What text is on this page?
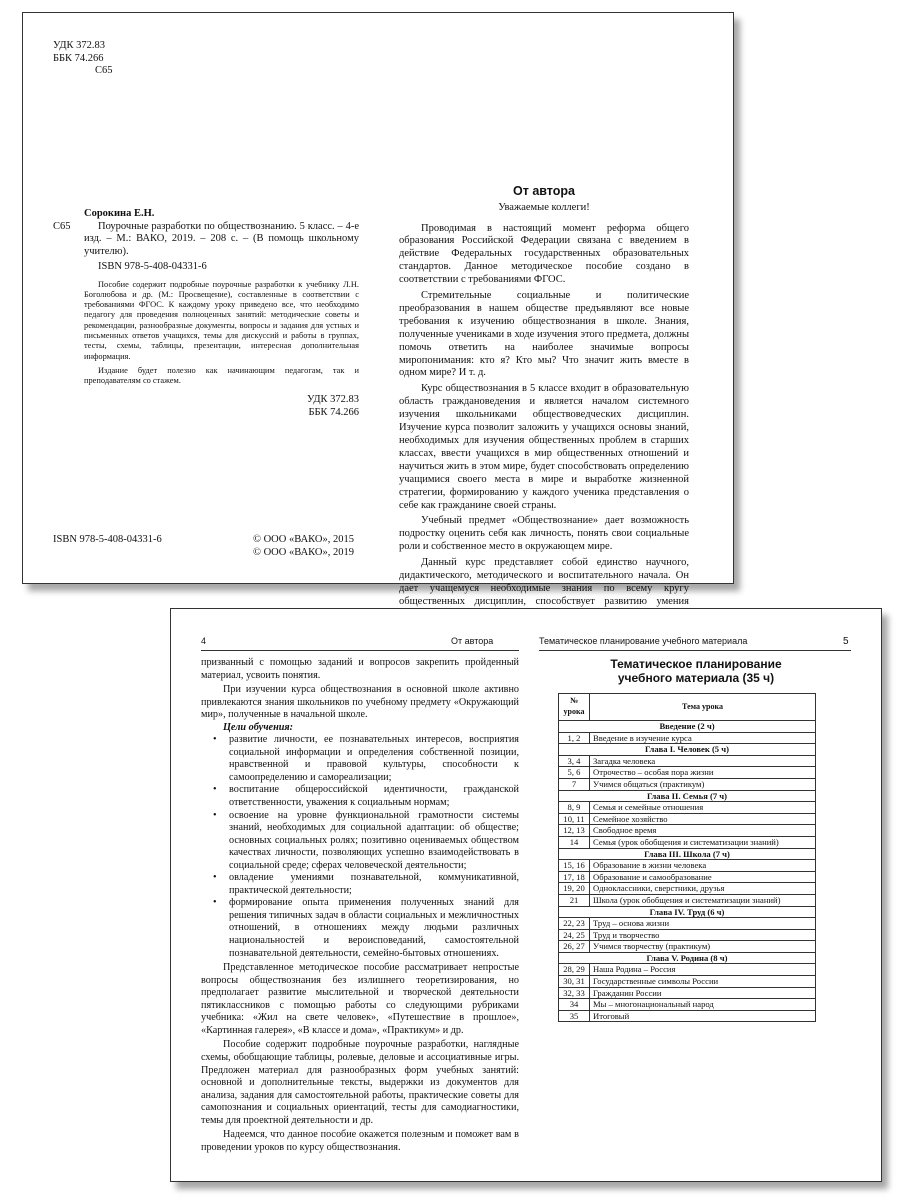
УДК 372.83
ББК 74.266
С65
С65
Сорокина Е.Н.

Поурочные разработки по обществознанию. 5 класс. – 4-е изд. – М.: ВАКО, 2019. – 208 с. – (В помощь школьному учителю).

ISBN 978-5-408-04331-6

Пособие содержит подробные поурочные разработки к учебнику Л.Н. Боголюбова и др. (М.: Просвещение), составленные в соответствии с требованиями ФГОС. К каждому уроку приведено все, что необходимо педагогу для проведения полноценных занятий: методические советы и рекомендации, разнообразные документы, вопросы и задания для устных и письменных ответов учащихся, темы для дискуссий и работы в группах, тесты, схемы, таблицы, презентации, интересная дополнительная информация.

Издание будет полезно как начинающим педагогам, так и преподавателям со стажем.

УДК 372.83
ББК 74.266
ISBN 978-5-408-04331-6	© ООО «ВАКО», 2015
© ООО «ВАКО», 2019
От автора
Уважаемые коллеги!

Проводимая в настоящий момент реформа общего образования Российской Федерации связана с введением в действие Федеральных государственных образовательных стандартов. Данное методическое пособие создано в соответствии с требованиями ФГОС.

Стремительные социальные и политические преобразования в нашем обществе предъявляют все новые требования к изучению обществознания в школе. Знания, полученные учениками в ходе изучения этого предмета, должны помочь ответить на наиболее значимые вопросы миропонимания: кто я? Кто мы? Что значит жить вместе в одном мире? И т. д.

Курс обществознания в 5 классе входит в образовательную область граждановедения и является началом системного изучения школьниками обществоведческих дисциплин. Изучение курса позволит заложить у учащихся основы знаний, необходимых для изучения общественных проблем в старших классах, ввести учащихся в мир общественных отношений и научиться жить в этом мире, будет способствовать определению учащимися своего места в мире и выработке жизненной стратегии, формированию у каждого ученика представления о себе как гражданине своей страны.

Учебный предмет «Обществознание» дает возможность подростку оценить себя как личность, понять свои социальные роли и собственное место в окружающем мире.

Данный курс представляет собой единство научного, дидактического, методического и воспитательного начала. Он дает учащемуся необходимые знания по всему кругу общественных дисциплин, способствует развитию умения

4	От автора

призванный с помощью заданий и вопросов закрепить пройденный материал, усвоить понятия.

При изучении курса обществознания в основной школе активно привлекаются знания школьников по учебному предмету «Окружающий мир», полученные в начальной школе.

Цели обучения:
• развитие личности, ее познавательных интересов, восприятия социальной информации и определения собственной позиции, нравственной и правовой культуры, способности к самоопределению и самореализации;
• воспитание общероссийской идентичности, гражданской ответственности, уважения к социальным нормам;
• освоение на уровне функциональной грамотности системы знаний, необходимых для социальной адаптации: об обществе; основных социальных ролях; позитивно оцениваемых обществом качествах личности, позволяющих успешно взаимодействовать в социальной среде; сферах человеческой деятельности;
• овладение умениями познавательной, коммуникативной, практической деятельности;
• формирование опыта применения полученных знаний для решения типичных задач в области социальных и межличностных отношений, в отношениях между людьми различных национальностей и вероисповеданий, самостоятельной познавательной деятельности, семейно-бытовых отношениях.

Представленное методическое пособие рассматривает непростые вопросы обществознания без излишнего теоретизирования, но предполагает развитие мыслительной и творческой деятельности пятиклассников с помощью работы со следующими рубриками учебника: «Жил на свете человек», «Путешествие в прошлое», «Картинная галерея», «В классе и дома», «Практикум» и др.

Пособие содержит подробные поурочные разработки, наглядные схемы, обобщающие таблицы, ролевые, деловые и ассоциативные игры. Предложен материал для разнообразных форм учебных занятий: основной и дополнительные тексты, выдержки из документов для анализа, задания для самостоятельной работы, практические советы для самопознания и социальных ориентаций, тесты для самодиагностики, темы для проектной деятельности и др.

Надеемся, что данное пособие окажется полезным и поможет вам в проведении уроков по курсу обществознания.

Тематическое планирование учебного материала	5
Тематическое планирование учебного материала (35 ч)
№ урока	Тема урока
Введение (2 ч)	
1, 2	Введение в изучение курса
Глава I. Человек (5 ч)	
3, 4	Загадка человека
5, 6	Отрочество – особая пора жизни
7	Учимся общаться (практикум)
Глава II. Семья (7 ч)	
8, 9	Семья и семейные отношения
10, 11	Семейное хозяйство
12, 13	Свободное время
14	Семья (урок обобщения и систематизации знаний)
Глава III. Школа (7 ч)	
15, 16	Образование в жизни человека
17, 18	Образование и самообразование
19, 20	Одноклассники, сверстники, друзья
21	Школа (урок обобщения и систематизации знаний)
Глава IV. Труд (6 ч)	
22, 23	Труд – основа жизни
24, 25	Труд и творчество
26, 27	Учимся творчеству (практикум)
Глава V. Родина (8 ч)	
28, 29	Наша Родина – Россия
30, 31	Государственные символы России
32, 33	Гражданин России
34	Мы – многонациональный народ
35	Итоговый
